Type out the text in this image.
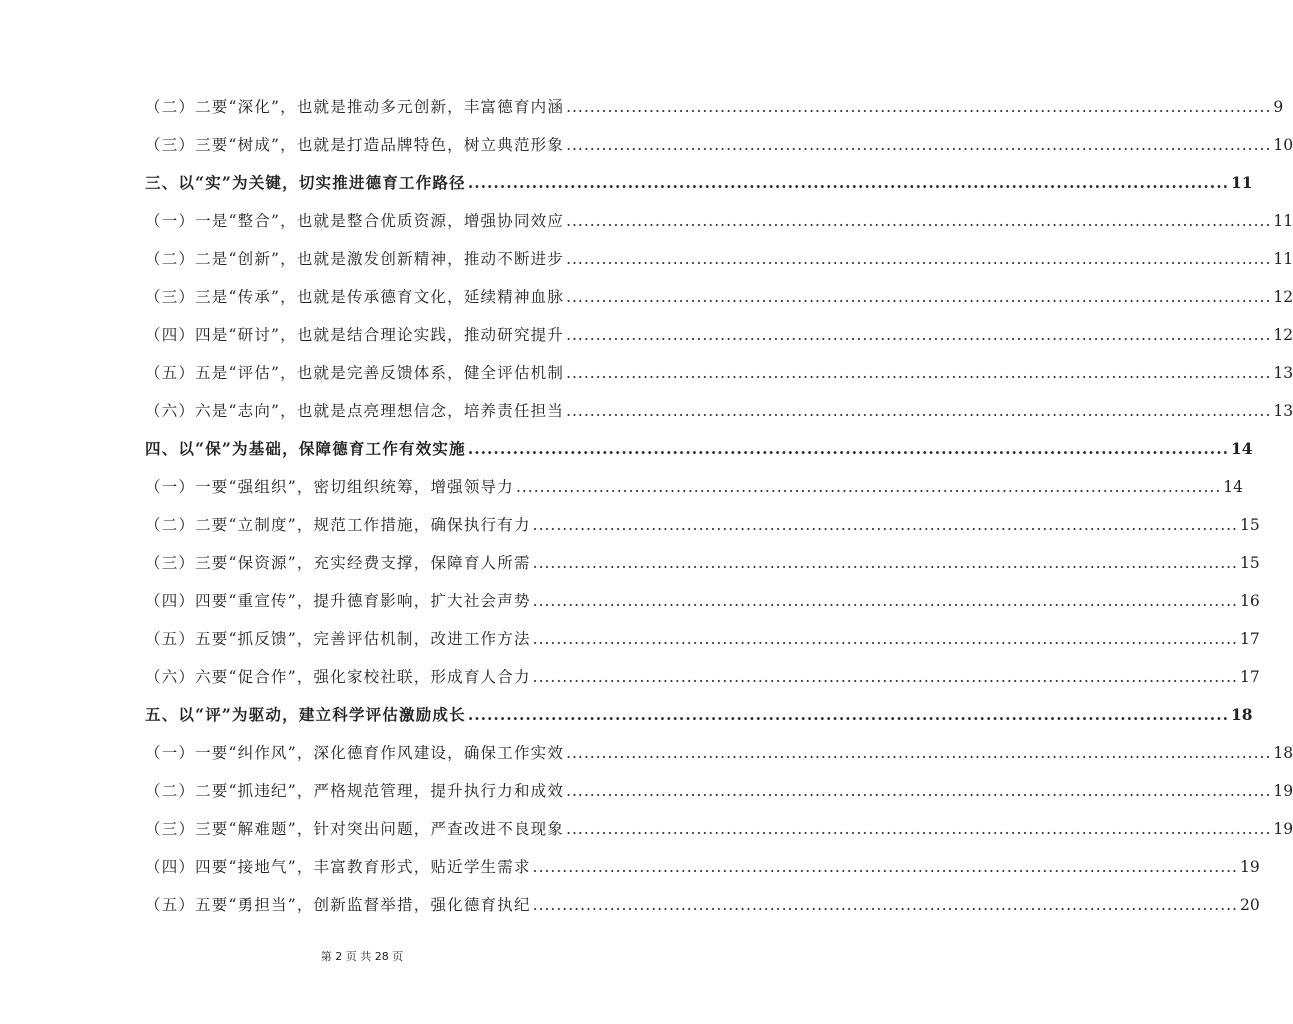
（二）二要“深化”，也就是推动多元创新，丰富德育内涵 .....	9
（三）三要“树成”，也就是打造品牌特色，树立典范形象 .....	10
三、以“实”为关键，切实推进德育工作路径 .....	11
（一）一是“整合”，也就是整合优质资源，增强协同效应 .....	11
（二）二是“创新”，也就是激发创新精神，推动不断进步 .....	11
（三）三是“传承”，也就是传承德育文化，延续精神血脉 .....	12
（四）四是“研讨”，也就是结合理论实践，推动研究提升 .....	12
（五）五是“评估”，也就是完善反馈体系，健全评估机制 .....	13
（六）六是“志向”，也就是点亮理想信念，培养责任担当 .....	13
四、以“保”为基础，保障德育工作有效实施 .....	14
（一）一要“强组织”，密切组织统筹，增强领导力 .....	14
（二）二要“立制度”，规范工作措施，确保执行有力 .....	15
（三）三要“保资源”，充实经费支撑，保障育人所需 .....	15
（四）四要“重宣传”，提升德育影响，扩大社会声势 .....	16
（五）五要“抓反馈”，完善评估机制，改进工作方法 .....	17
（六）六要“促合作”，强化家校社联，形成育人合力 .....	17
五、以“评”为驱动，建立科学评估激励成长 .....	18
（一）一要“纠作风”，深化德育作风建设，确保工作实效 .....	18
（二）二要“抓违纪”，严格规范管理，提升执行力和成效 .....	19
（三）三要“解难题”，针对突出问题，严查改进不良现象 .....	19
（四）四要“接地气”，丰富教育形式，贴近学生需求 .....	19
（五）五要“勇担当”，创新监督举措，强化德育执纪 .....	20
第 2 页 共 28 页
